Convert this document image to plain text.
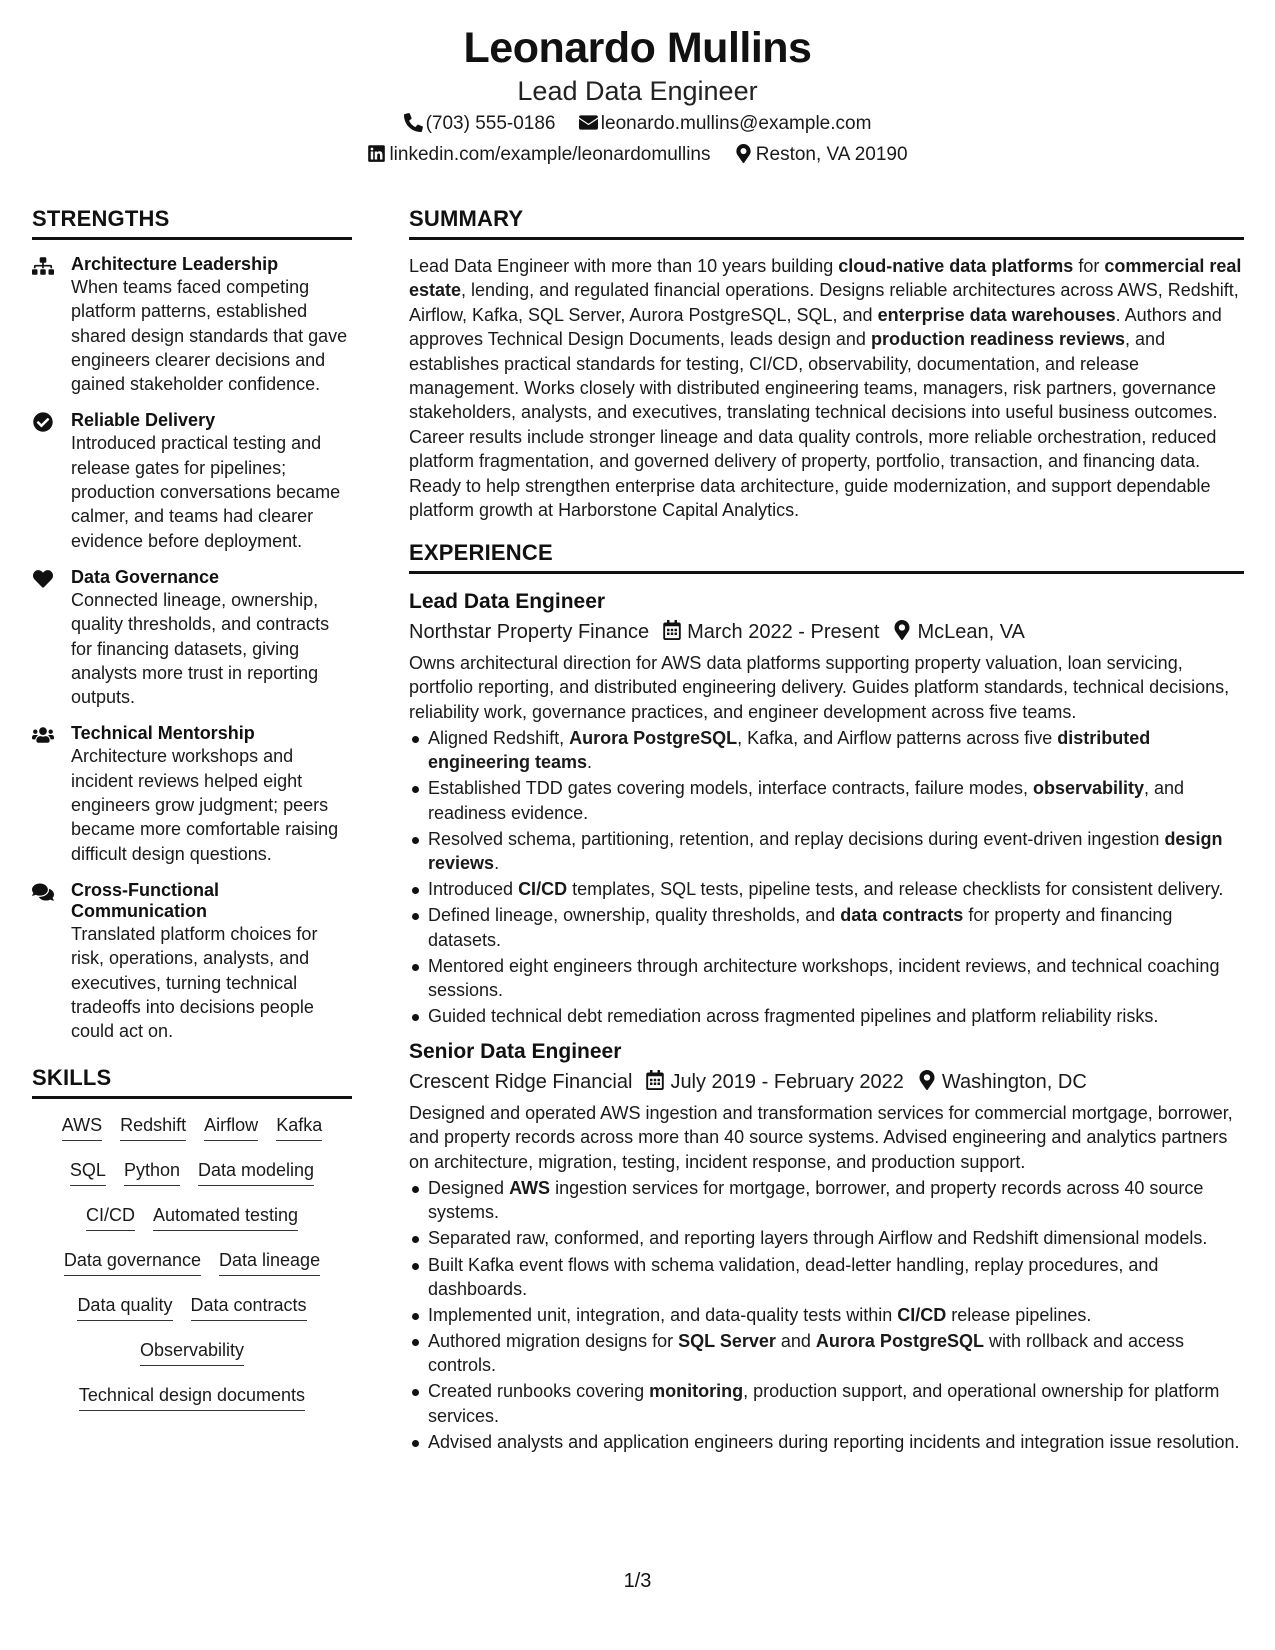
Leonardo Mullins
Lead Data Engineer
(703) 555-0186 leonardo.mullins@example.com
linkedin.com/example/leonardomullins Reston, VA 20190
STRENGTHS
Architecture Leadership
When teams faced competing platform patterns, established shared design standards that gave engineers clearer decisions and gained stakeholder confidence.
Reliable Delivery
Introduced practical testing and release gates for pipelines; production conversations became calmer, and teams had clearer evidence before deployment.
Data Governance
Connected lineage, ownership, quality thresholds, and contracts for financing datasets, giving analysts more trust in reporting outputs.
Technical Mentorship
Architecture workshops and incident reviews helped eight engineers grow judgment; peers became more comfortable raising difficult design questions.
Cross-Functional Communication
Translated platform choices for risk, operations, analysts, and executives, turning technical tradeoffs into decisions people could act on.
SKILLS
AWS Redshift Airflow Kafka
SQL Python Data modeling
CI/CD Automated testing
Data governance Data lineage
Data quality Data contracts
Observability
Technical design documents
SUMMARY

Lead Data Engineer with more than 10 years building cloud-native data platforms for commercial real estate, lending, and regulated financial operations. Designs reliable architectures across AWS, Redshift, Airflow, Kafka, SQL Server, Aurora PostgreSQL, SQL, and enterprise data warehouses. Authors and approves Technical Design Documents, leads design and production readiness reviews, and establishes practical standards for testing, CI/CD, observability, documentation, and release management. Works closely with distributed engineering teams, managers, risk partners, governance stakeholders, analysts, and executives, translating technical decisions into useful business outcomes. Career results include stronger lineage and data quality controls, more reliable orchestration, reduced platform fragmentation, and governed delivery of property, portfolio, transaction, and financing data. Ready to help strengthen enterprise data architecture, guide modernization, and support dependable platform growth at Harborstone Capital Analytics.

EXPERIENCE
Lead Data Engineer
Northstar Property Finance March 2022 - Present McLean, VA
Owns architectural direction for AWS data platforms supporting property valuation, loan servicing, portfolio reporting, and distributed engineering delivery. Guides platform standards, technical decisions, reliability work, governance practices, and engineer development across five teams.
Aligned Redshift, Aurora PostgreSQL, Kafka, and Airflow patterns across five distributed engineering teams.
Established TDD gates covering models, interface contracts, failure modes, observability, and readiness evidence.
Resolved schema, partitioning, retention, and replay decisions during event-driven ingestion design reviews.
Introduced CI/CD templates, SQL tests, pipeline tests, and release checklists for consistent delivery.
Defined lineage, ownership, quality thresholds, and data contracts for property and financing datasets.
Mentored eight engineers through architecture workshops, incident reviews, and technical coaching sessions.
Guided technical debt remediation across fragmented pipelines and platform reliability risks.
Senior Data Engineer
Crescent Ridge Financial July 2019 - February 2022 Washington, DC
Designed and operated AWS ingestion and transformation services for commercial mortgage, borrower, and property records across more than 40 source systems. Advised engineering and analytics partners on architecture, migration, testing, incident response, and production support.
Designed AWS ingestion services for mortgage, borrower, and property records across 40 source systems.
Separated raw, conformed, and reporting layers through Airflow and Redshift dimensional models.
Built Kafka event flows with schema validation, dead-letter handling, replay procedures, and dashboards.
Implemented unit, integration, and data-quality tests within CI/CD release pipelines.
Authored migration designs for SQL Server and Aurora PostgreSQL with rollback and access controls.
Created runbooks covering monitoring, production support, and operational ownership for platform services.
Advised analysts and application engineers during reporting incidents and integration issue resolution.
1/3
